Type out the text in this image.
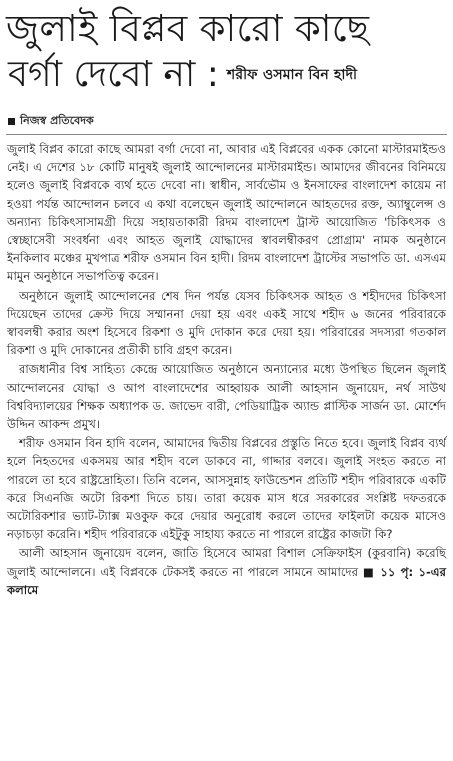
জুলাই বিপ্লব কারো কাছে
বর্গা দেবো না : শরীফ ওসমান বিন হাদী
নিজস্ব প্রতিবেদক

জুলাই বিপ্লব কারো কাছে আমরা বর্গা দেবো না, আবার এই বিপ্লবের একক কোনো মাস্টারমাইন্ডও নেই। এ দেশের ১৮ কোটি মানুষই জুলাই আন্দোলনের মাস্টারমাইন্ড। আমাদের জীবনের বিনিময়ে হলেও জুলাই বিপ্লবকে ব্যর্থ হতে দেবো না। স্বাধীন, সার্বভৌম ও ইনসাফের বাংলাদেশ কায়েম না হওয়া পর্যন্ত আন্দোলন চলবে এ কথা বলেছেন জুলাই আন্দোলনে আহতদের রক্ত, অ্যাম্বুলেন্স ও অন্যান্য চিকিৎসাসামগ্রী দিয়ে সহায়তাকারী রিদম বাংলাদেশ ট্রাস্ট আয়োজিত 'চিকিৎসক ও স্বেচ্ছাসেবী সংবর্ধনা এবং আহত জুলাই যোদ্ধাদের স্বাবলম্বীকরণ প্রোগ্রাম' নামক অনুষ্ঠানে ইনকিলাব মঞ্চের মুখপাত্র শরীফ ওসমান বিন হাদী। রিদম বাংলাদেশ ট্রাস্টের সভাপতি ডা. এসএম মামুন অনুষ্ঠানে সভাপতিত্ব করেন।

অনুষ্ঠানে জুলাই আন্দোলনের শেষ দিন পর্যন্ত যেসব চিকিৎসক আহত ও শহীদদের চিকিৎসা দিয়েছেন তাদের ক্রেস্ট দিয়ে সম্মাননা দেয়া হয় এবং একই সাথে শহীদ ৬ জনের পরিবারকে স্বাবলম্বী করার অংশ হিসেবে রিকশা ও মুদি দোকান করে দেয়া হয়। পরিবারের সদস্যরা গতকাল রিকশা ও মুদি দোকানের প্রতীকী চাবি গ্রহণ করেন।

রাজধানীর বিশ্ব সাহিত্য কেন্দ্রে আয়োজিত অনুষ্ঠানে অন্যান্যের মধ্যে উপস্থিত ছিলেন জুলাই আন্দোলনের যোদ্ধা ও আপ বাংলাদেশের আহ্বায়ক আলী আহসান জুনায়েদ, নর্থ সাউথ বিশ্ববিদ্যালয়ের শিক্ষক অধ্যাপক ড. জাভেদ বারী, পেডিয়াট্রিক অ্যান্ড প্লাস্টিক সার্জন ডা. মোর্শেদ উদ্দিন আকন্দ প্রমুখ।

শরীফ ওসমান বিন হাদি বলেন, আমাদের দ্বিতীয় বিপ্লবের প্রস্তুতি নিতে হবে। জুলাই বিপ্লব ব্যর্থ হলে নিহতদের একসময় আর শহীদ বলে ডাকবে না, গাদ্দার বলবে। জুলাই সংহত করতে না পারলে তা হবে রাষ্ট্রদ্রোহিতা। তিনি বলেন, আসসুন্নাহ ফাউন্ডেশন প্রতিটি শহীদ পরিবারকে একটি করে সিএনজি অটো রিকশা দিতে চায়। তারা কয়েক মাস ধরে সরকারের সংশ্লিষ্ট দফতরকে অটোরিকশার ভ্যাট-ট্যাক্স মওকুফ করে দেয়ার অনুরোধ করলে তাদের ফাইলটা কয়েক মাসেও নড়াচড়া করেনি। শহীদ পরিবারকে এইটুকু সাহায্য করতে না পারলে রাষ্ট্রের কাজটা কি?

আলী আহসান জুনায়েদ বলেন, জাতি হিসেবে আমরা বিশাল সেক্রিফাইস (কুরবানি) করেছি জুলাই আন্দোলনে। এই বিপ্লবকে টেকসই করতে না পারলে সামনে আমাদের ■ ১১ পৃ: ১-এর কলামে
